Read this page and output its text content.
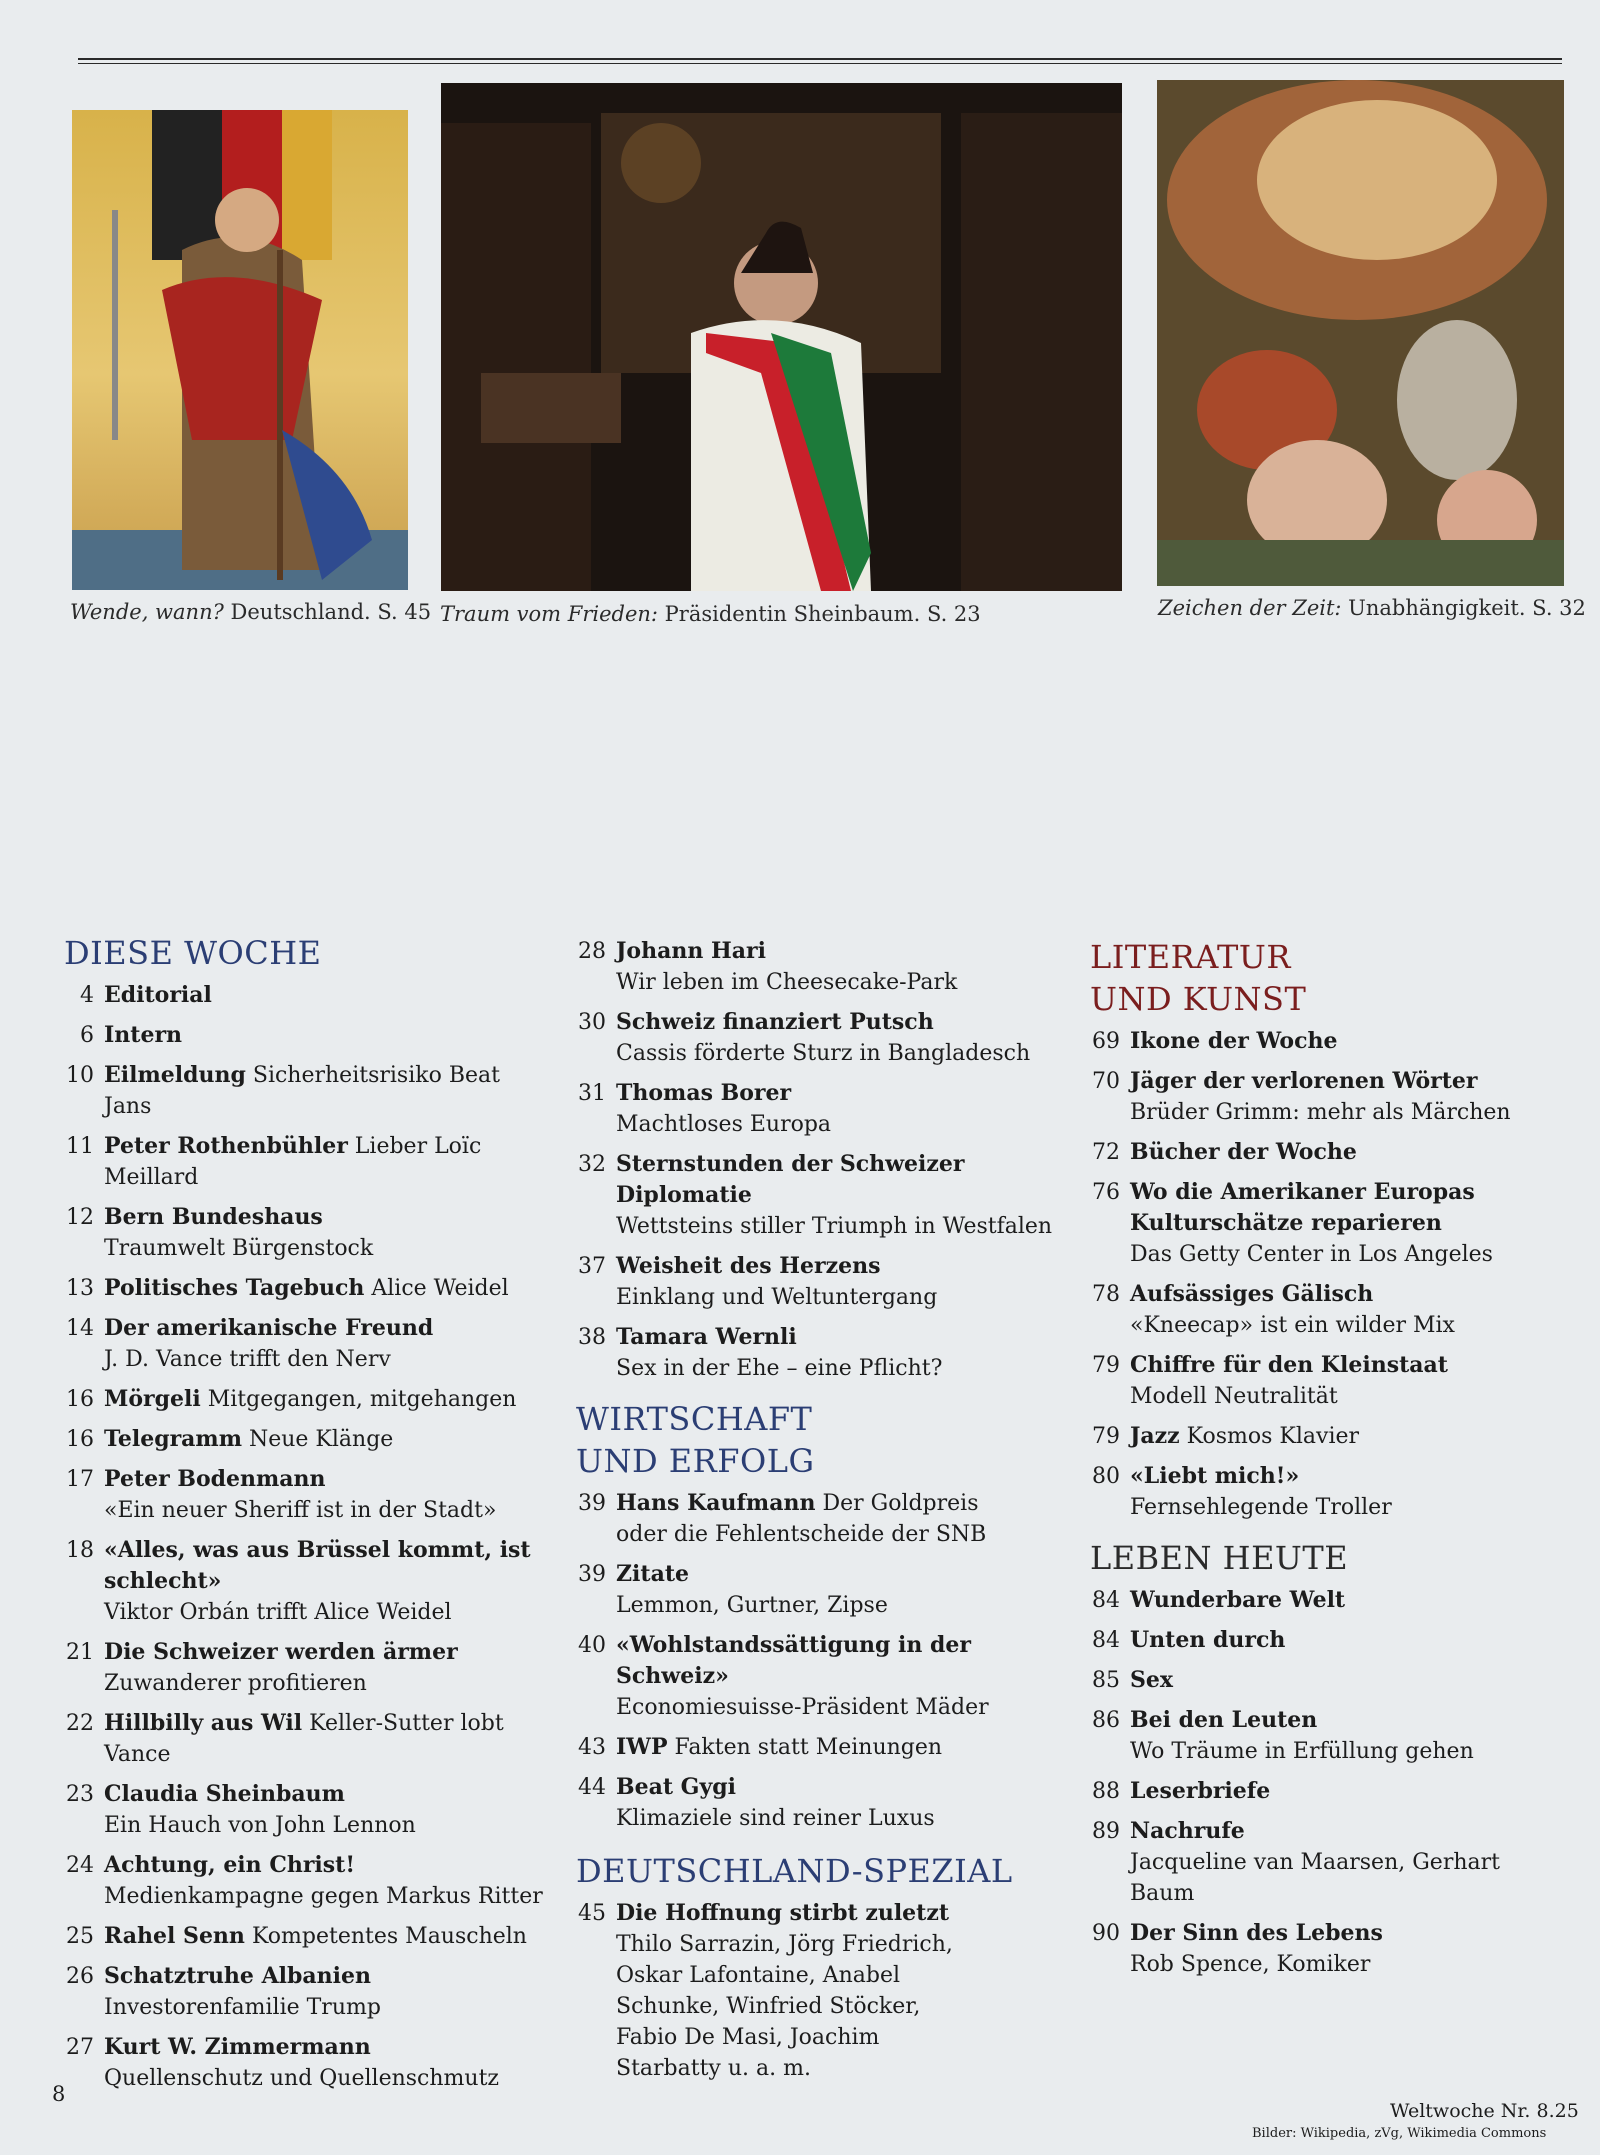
Wende, wann? Deutschland. S. 45 Traum vom Frieden: Präsidentin Sheinbaum. S. 23	Zeichen der Zeit: Unabhängigkeit. S. 32
DIESE WOCHE
4 Editorial
6 Intern
10 Eilmeldung Sicherheitsrisiko Beat Jans
11 Peter Rothenbühler Lieber Loïc Meillard
12 Bern Bundeshaus
Traumwelt Bürgenstock
13 Politisches Tagebuch Alice Weidel
14 Der amerikanische Freund
J. D. Vance trifft den Nerv
16 Mörgeli Mitgegangen, mitgehangen
16 Telegramm Neue Klänge
17 Peter Bodenmann
«Ein neuer Sheriff ist in der Stadt»
18 «Alles, was aus Brüssel kommt, ist schlecht»
Viktor Orbán trifft Alice Weidel
21 Die Schweizer werden ärmer
Zuwanderer profitieren
22 Hillbilly aus Wil Keller-Sutter lobt Vance
23 Claudia Sheinbaum
Ein Hauch von John Lennon
24 Achtung, ein Christ!
Medienkampagne gegen Markus Ritter
25 Rahel Senn Kompetentes Mauscheln
26 Schatztruhe Albanien
Investorenfamilie Trump
27 Kurt W. Zimmermann
Quellenschutz und Quellenschmutz
28 Johann Hari
Wir leben im Cheesecake-Park
30 Schweiz finanziert Putsch
Cassis förderte Sturz in Bangladesch
31 Thomas Borer
Machtloses Europa
32 Sternstunden der Schweizer Diplomatie
Wettsteins stiller Triumph in Westfalen
37 Weisheit des Herzens
Einklang und Weltuntergang
38 Tamara Wernli
Sex in der Ehe – eine Pflicht?
WIRTSCHAFT UND ERFOLG
39 Hans Kaufmann Der Goldpreis oder die Fehlentscheide der SNB
39 Zitate
Lemmon, Gurtner, Zipse
40 «Wohlstandssättigung in der Schweiz»
Economiesuisse-Präsident Mäder
43 IWP Fakten statt Meinungen
44 Beat Gygi
Klimaziele sind reiner Luxus
DEUTSCHLAND-SPEZIAL
45 Die Hoffnung stirbt zuletzt
Thilo Sarrazin, Jörg Friedrich, Oskar Lafontaine, Anabel Schunke, Winfried Stöcker, Fabio De Masi, Joachim Starbatty u. a. m.
LITERATUR UND KUNST
69 Ikone der Woche
70 Jäger der verlorenen Wörter
Brüder Grimm: mehr als Märchen
72 Bücher der Woche
76 Wo die Amerikaner Europas Kulturschätze reparieren
Das Getty Center in Los Angeles
78 Aufsässiges Gälisch
«Kneecap» ist ein wilder Mix
79 Chiffre für den Kleinstaat
Modell Neutralität
79 Jazz Kosmos Klavier
80 «Liebt mich!»
Fernsehlegende Troller
LEBEN HEUTE
84 Wunderbare Welt
84 Unten durch
85 Sex
86 Bei den Leuten
Wo Träume in Erfüllung gehen
88 Leserbriefe
89 Nachrufe
Jacqueline van Maarsen, Gerhart Baum
90 Der Sinn des Lebens
Rob Spence, Komiker
8
Weltwoche Nr. 8.25
Bilder: Wikipedia, zVg, Wikimedia Commons
